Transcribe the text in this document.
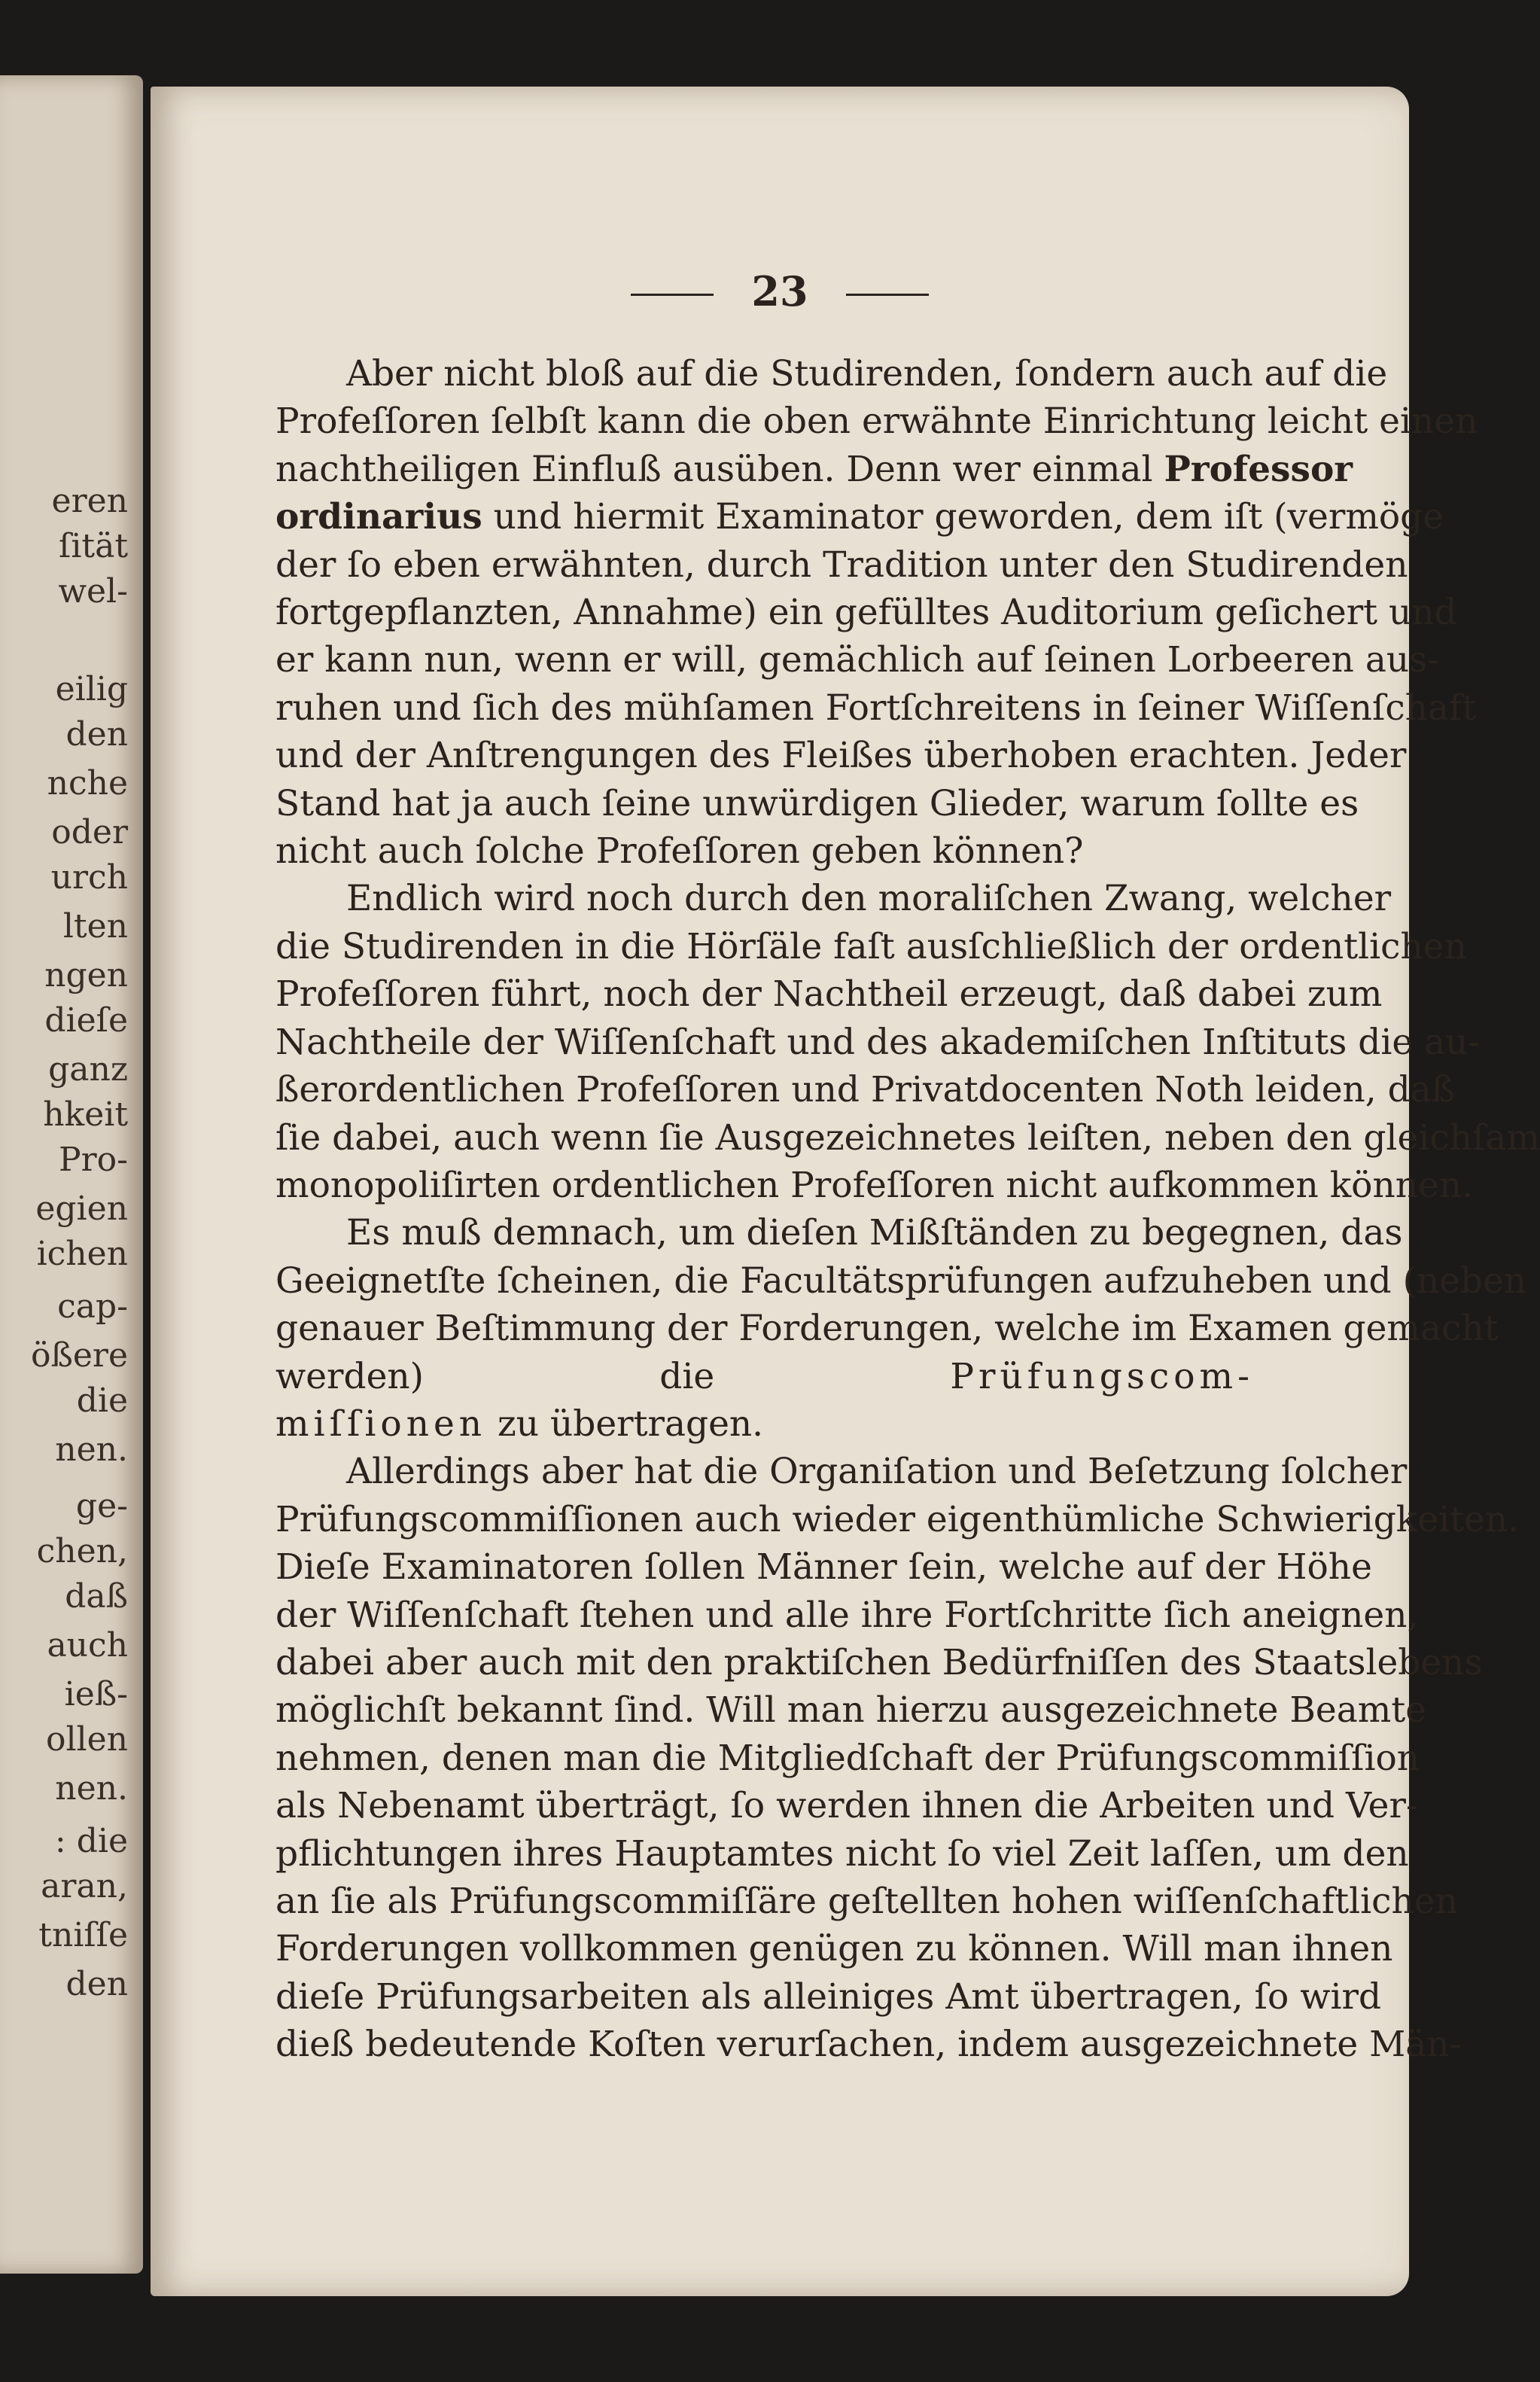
eren
ſität
wel-
eilig
den
nche
oder
urch
lten
ngen
dieſe
ganz
hkeit
Pro-
egien
ichen
cap-
ößere
die
nen.
ge-
chen,
daß
auch
ieß-
ollen
nen.
: die
aran,
tniſſe
den
23
Aber nicht bloß auf die Studirenden, ſondern auch auf die
Profeſſoren ſelbſt kann die oben erwähnte Einrichtung leicht einen
nachtheiligen Einfluß ausüben. Denn wer einmal Professor
ordinarius und hiermit Examinator geworden, dem iſt (vermöge
der ſo eben erwähnten, durch Tradition unter den Studirenden
fortgepflanzten, Annahme) ein gefülltes Auditorium geſichert und
er kann nun, wenn er will, gemächlich auf ſeinen Lorbeeren aus-
ruhen und ſich des mühſamen Fortſchreitens in ſeiner Wiſſenſchaft
und der Anſtrengungen des Fleißes überhoben erachten. Jeder
Stand hat ja auch ſeine unwürdigen Glieder, warum ſollte es
nicht auch ſolche Profeſſoren geben können?
Endlich wird noch durch den moraliſchen Zwang, welcher
die Studirenden in die Hörſäle faſt ausſchließlich der ordentlichen
Profeſſoren führt, noch der Nachtheil erzeugt, daß dabei zum
Nachtheile der Wiſſenſchaft und des akademiſchen Inſtituts die au-
ßerordentlichen Profeſſoren und Privatdocenten Noth leiden, daß
ſie dabei, auch wenn ſie Ausgezeichnetes leiſten, neben den gleichſam
monopoliſirten ordentlichen Profeſſoren nicht aufkommen können.
Es muß demnach, um dieſen Mißſtänden zu begegnen, das
Geeignetſte ſcheinen, die Facultätsprüfungen aufzuheben und (neben
genauer Beſtimmung der Forderungen, welche im Examen gemacht
werden) die Prüfungscom-
miſſionen zu übertragen.
Allerdings aber hat die Organiſation und Beſetzung ſolcher
Prüfungscommiſſionen auch wieder eigenthümliche Schwierigkeiten.
Dieſe Examinatoren ſollen Männer ſein, welche auf der Höhe
der Wiſſenſchaft ſtehen und alle ihre Fortſchritte ſich aneignen,
dabei aber auch mit den praktiſchen Bedürfniſſen des Staatslebens
möglichſt bekannt ſind. Will man hierzu ausgezeichnete Beamte
nehmen, denen man die Mitgliedſchaft der Prüfungscommiſſion
als Nebenamt überträgt, ſo werden ihnen die Arbeiten und Ver-
pflichtungen ihres Hauptamtes nicht ſo viel Zeit laſſen, um den
an ſie als Prüfungscommiſſäre geſtellten hohen wiſſenſchaftlichen
Forderungen vollkommen genügen zu können. Will man ihnen
dieſe Prüfungsarbeiten als alleiniges Amt übertragen, ſo wird
dieß bedeutende Koſten verurſachen, indem ausgezeichnete Män-
